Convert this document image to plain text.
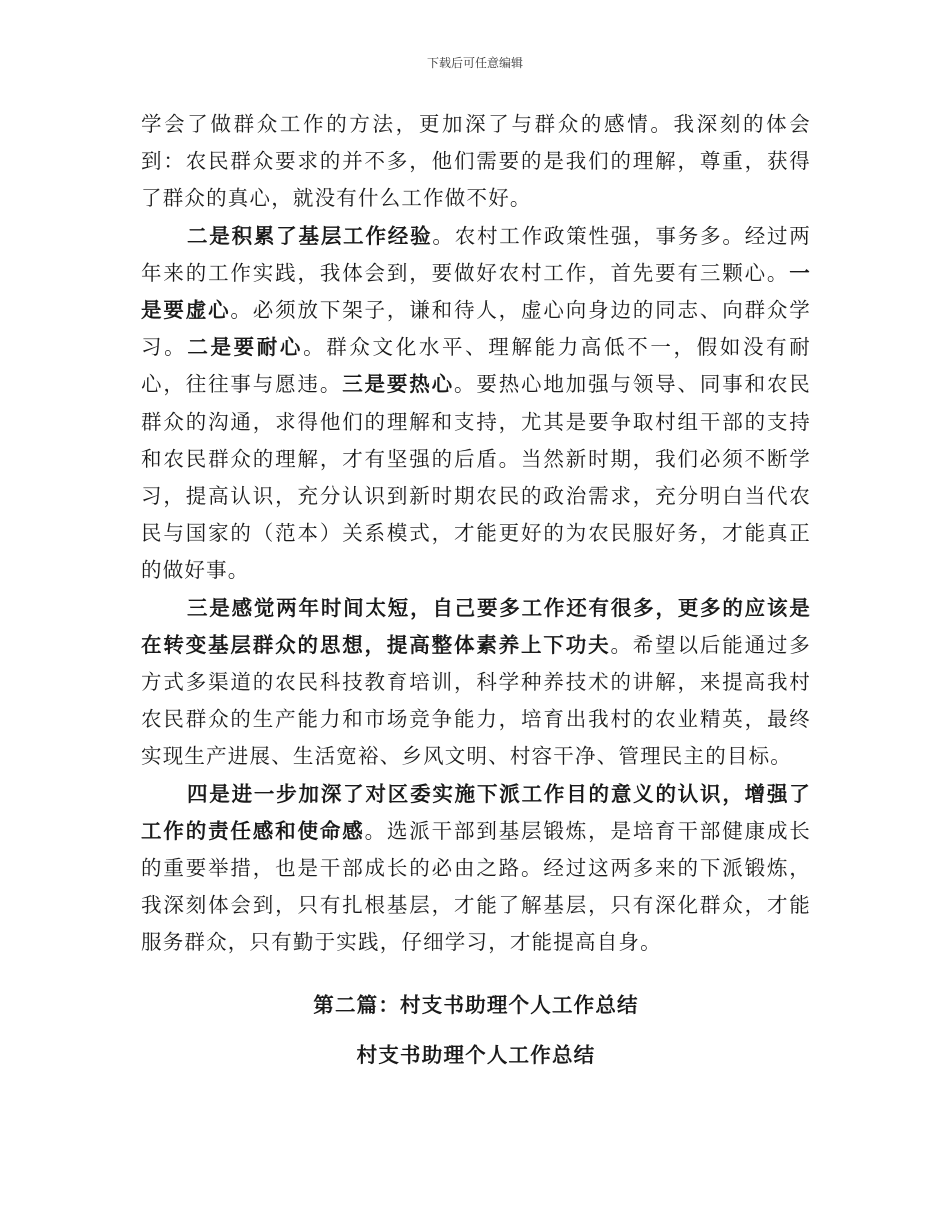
下载后可任意编辑

学会了做群众工作的方法，更加深了与群众的感情。我深刻的体会到：农民群众要求的并不多，他们需要的是我们的理解，尊重，获得了群众的真心，就没有什么工作做不好。

二是积累了基层工作经验。农村工作政策性强，事务多。经过两年来的工作实践，我体会到，要做好农村工作，首先要有三颗心。一是要虚心。必须放下架子，谦和待人，虚心向身边的同志、向群众学习。二是要耐心。群众文化水平、理解能力高低不一，假如没有耐心，往往事与愿违。三是要热心。要热心地加强与领导、同事和农民群众的沟通，求得他们的理解和支持，尤其是要争取村组干部的支持和农民群众的理解，才有坚强的后盾。当然新时期，我们必须不断学习，提高认识，充分认识到新时期农民的政治需求，充分明白当代农民与国家的（范本）关系模式，才能更好的为农民服好务，才能真正的做好事。

三是感觉两年时间太短，自己要多工作还有很多，更多的应该是在转变基层群众的思想，提高整体素养上下功夫。希望以后能通过多方式多渠道的农民科技教育培训，科学种养技术的讲解，来提高我村农民群众的生产能力和市场竞争能力，培育出我村的农业精英，最终实现生产进展、生活宽裕、乡风文明、村容干净、管理民主的目标。

四是进一步加深了对区委实施下派工作目的意义的认识，增强了工作的责任感和使命感。选派干部到基层锻炼，是培育干部健康成长的重要举措，也是干部成长的必由之路。经过这两多来的下派锻炼，我深刻体会到，只有扎根基层，才能了解基层，只有深化群众，才能服务群众，只有勤于实践，仔细学习，才能提高自身。

第二篇：村支书助理个人工作总结

村支书助理个人工作总结
